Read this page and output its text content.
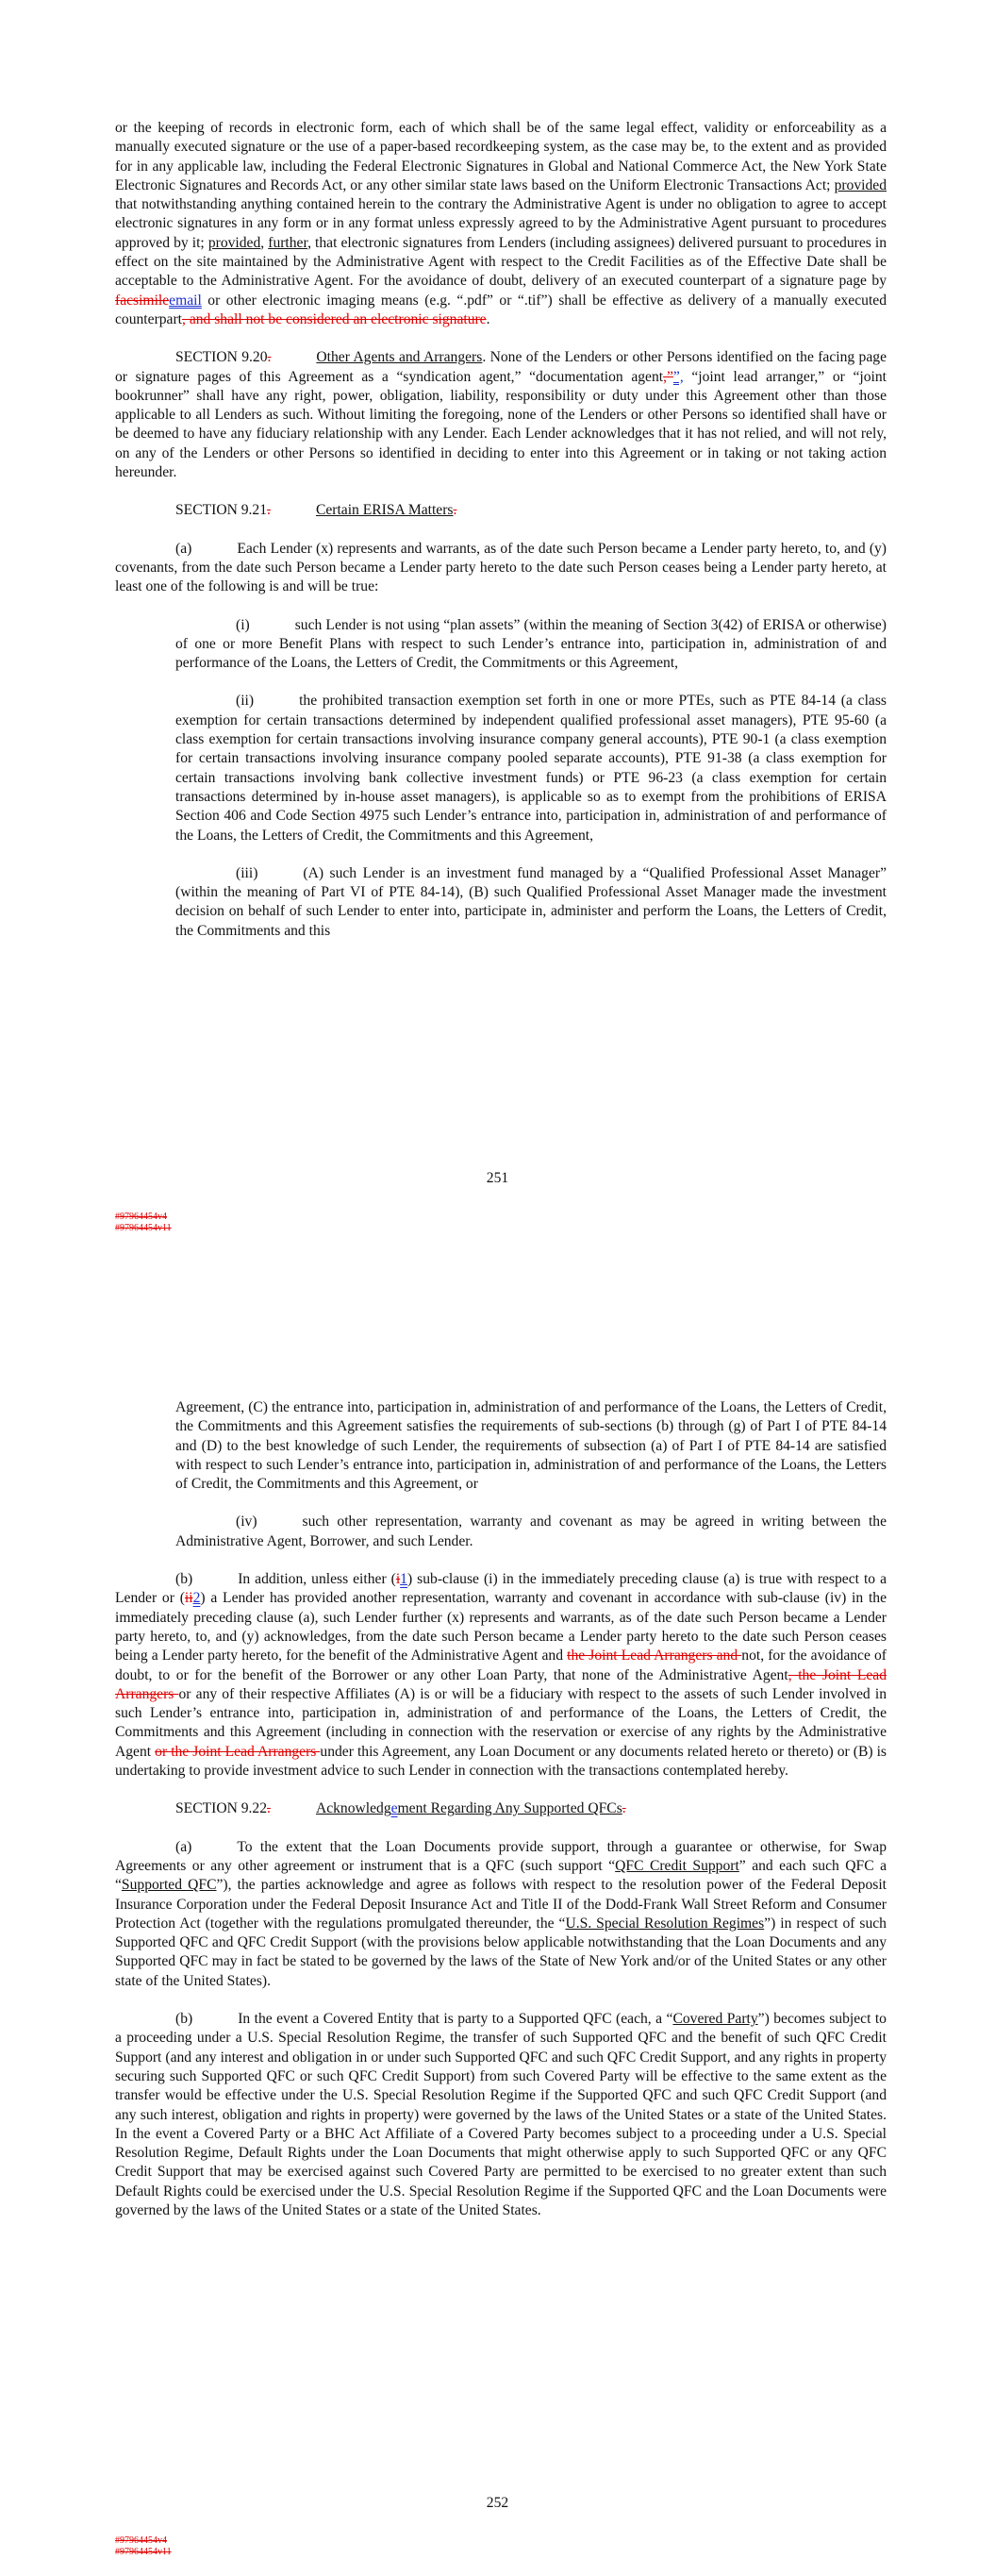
or the keeping of records in electronic form, each of which shall be of the same legal effect, validity or enforceability as a manually executed signature or the use of a paper-based recordkeeping system, as the case may be, to the extent and as provided for in any applicable law, including the Federal Electronic Signatures in Global and National Commerce Act, the New York State Electronic Signatures and Records Act, or any other similar state laws based on the Uniform Electronic Transactions Act; provided that notwithstanding anything contained herein to the contrary the Administrative Agent is under no obligation to agree to accept electronic signatures in any form or in any format unless expressly agreed to by the Administrative Agent pursuant to procedures approved by it; provided, further, that electronic signatures from Lenders (including assignees) delivered pursuant to procedures in effect on the site maintained by the Administrative Agent with respect to the Credit Facilities as of the Effective Date shall be acceptable to the Administrative Agent. For the avoidance of doubt, delivery of an executed counterpart of a signature page by facsimileemail or other electronic imaging means (e.g. “.pdf” or “.tif”) shall be effective as delivery of a manually executed counterpart, and shall not be considered an electronic signature.

SECTION 9.20.	Other Agents and Arrangers. None of the Lenders or other Persons identified on the facing page or signature pages of this Agreement as a “syndication agent,” “documentation agent,””, “joint lead arranger,” or “joint bookrunner” shall have any right, power, obligation, liability, responsibility or duty under this Agreement other than those applicable to all Lenders as such. Without limiting the foregoing, none of the Lenders or other Persons so identified shall have or be deemed to have any fiduciary relationship with any Lender. Each Lender acknowledges that it has not relied, and will not rely, on any of the Lenders or other Persons so identified in deciding to enter into this Agreement or in taking or not taking action hereunder.

SECTION 9.21.	Certain ERISA Matters.

(a)	Each Lender (x) represents and warrants, as of the date such Person became a Lender party hereto, to, and (y) covenants, from the date such Person became a Lender party hereto to the date such Person ceases being a Lender party hereto, at least one of the following is and will be true:

(i)	such Lender is not using “plan assets” (within the meaning of Section 3(42) of ERISA or otherwise) of one or more Benefit Plans with respect to such Lender’s entrance into, participation in, administration of and performance of the Loans, the Letters of Credit, the Commitments or this Agreement,

(ii)	the prohibited transaction exemption set forth in one or more PTEs, such as PTE 84-14 (a class exemption for certain transactions determined by independent qualified professional asset managers), PTE 95-60 (a class exemption for certain transactions involving insurance company general accounts), PTE 90-1 (a class exemption for certain transactions involving insurance company pooled separate accounts), PTE 91-38 (a class exemption for certain transactions involving bank collective investment funds) or PTE 96-23 (a class exemption for certain transactions determined by in-house asset managers), is applicable so as to exempt from the prohibitions of ERISA Section 406 and Code Section 4975 such Lender’s entrance into, participation in, administration of and performance of the Loans, the Letters of Credit, the Commitments and this Agreement,

(iii)	(A) such Lender is an investment fund managed by a “Qualified Professional Asset Manager” (within the meaning of Part VI of PTE 84-14), (B) such Qualified Professional Asset Manager made the investment decision on behalf of such Lender to enter into, participate in, administer and perform the Loans, the Letters of Credit, the Commitments and this

251
#97964454v4
#97964454v11

Agreement, (C) the entrance into, participation in, administration of and performance of the Loans, the Letters of Credit, the Commitments and this Agreement satisfies the requirements of sub-sections (b) through (g) of Part I of PTE 84-14 and (D) to the best knowledge of such Lender, the requirements of subsection (a) of Part I of PTE 84-14 are satisfied with respect to such Lender’s entrance into, participation in, administration of and performance of the Loans, the Letters of Credit, the Commitments and this Agreement, or

(iv)	such other representation, warranty and covenant as may be agreed in writing between the Administrative Agent, Borrower, and such Lender.

(b)	In addition, unless either (i1) sub-clause (i) in the immediately preceding clause (a) is true with respect to a Lender or (ii2) a Lender has provided another representation, warranty and covenant in accordance with sub-clause (iv) in the immediately preceding clause (a), such Lender further (x) represents and warrants, as of the date such Person became a Lender party hereto, to, and (y) acknowledges, from the date such Person became a Lender party hereto to the date such Person ceases being a Lender party hereto, for the benefit of the Administrative Agent and the Joint Lead Arrangers and not, for the avoidance of doubt, to or for the benefit of the Borrower or any other Loan Party, that none of the Administrative Agent, the Joint Lead Arrangers or any of their respective Affiliates (A) is or will be a fiduciary with respect to the assets of such Lender involved in such Lender’s entrance into, participation in, administration of and performance of the Loans, the Letters of Credit, the Commitments and this Agreement (including in connection with the reservation or exercise of any rights by the Administrative Agent or the Joint Lead Arrangers under this Agreement, any Loan Document or any documents related hereto or thereto) or (B) is undertaking to provide investment advice to such Lender in connection with the transactions contemplated hereby.

SECTION 9.22.	Acknowledgement Regarding Any Supported QFCs.

(a)	To the extent that the Loan Documents provide support, through a guarantee or otherwise, for Swap Agreements or any other agreement or instrument that is a QFC (such support “QFC Credit Support” and each such QFC a “Supported QFC”), the parties acknowledge and agree as follows with respect to the resolution power of the Federal Deposit Insurance Corporation under the Federal Deposit Insurance Act and Title II of the Dodd-Frank Wall Street Reform and Consumer Protection Act (together with the regulations promulgated thereunder, the “U.S. Special Resolution Regimes”) in respect of such Supported QFC and QFC Credit Support (with the provisions below applicable notwithstanding that the Loan Documents and any Supported QFC may in fact be stated to be governed by the laws of the State of New York and/or of the United States or any other state of the United States).

(b)	In the event a Covered Entity that is party to a Supported QFC (each, a “Covered Party”) becomes subject to a proceeding under a U.S. Special Resolution Regime, the transfer of such Supported QFC and the benefit of such QFC Credit Support (and any interest and obligation in or under such Supported QFC and such QFC Credit Support, and any rights in property securing such Supported QFC or such QFC Credit Support) from such Covered Party will be effective to the same extent as the transfer would be effective under the U.S. Special Resolution Regime if the Supported QFC and such QFC Credit Support (and any such interest, obligation and rights in property) were governed by the laws of the United States or a state of the United States. In the event a Covered Party or a BHC Act Affiliate of a Covered Party becomes subject to a proceeding under a U.S. Special Resolution Regime, Default Rights under the Loan Documents that might otherwise apply to such Supported QFC or any QFC Credit Support that may be exercised against such Covered Party are permitted to be exercised to no greater extent than such Default Rights could be exercised under the U.S. Special Resolution Regime if the Supported QFC and the Loan Documents were governed by the laws of the United States or a state of the United States.

252
#97964454v4
#97964454v11
